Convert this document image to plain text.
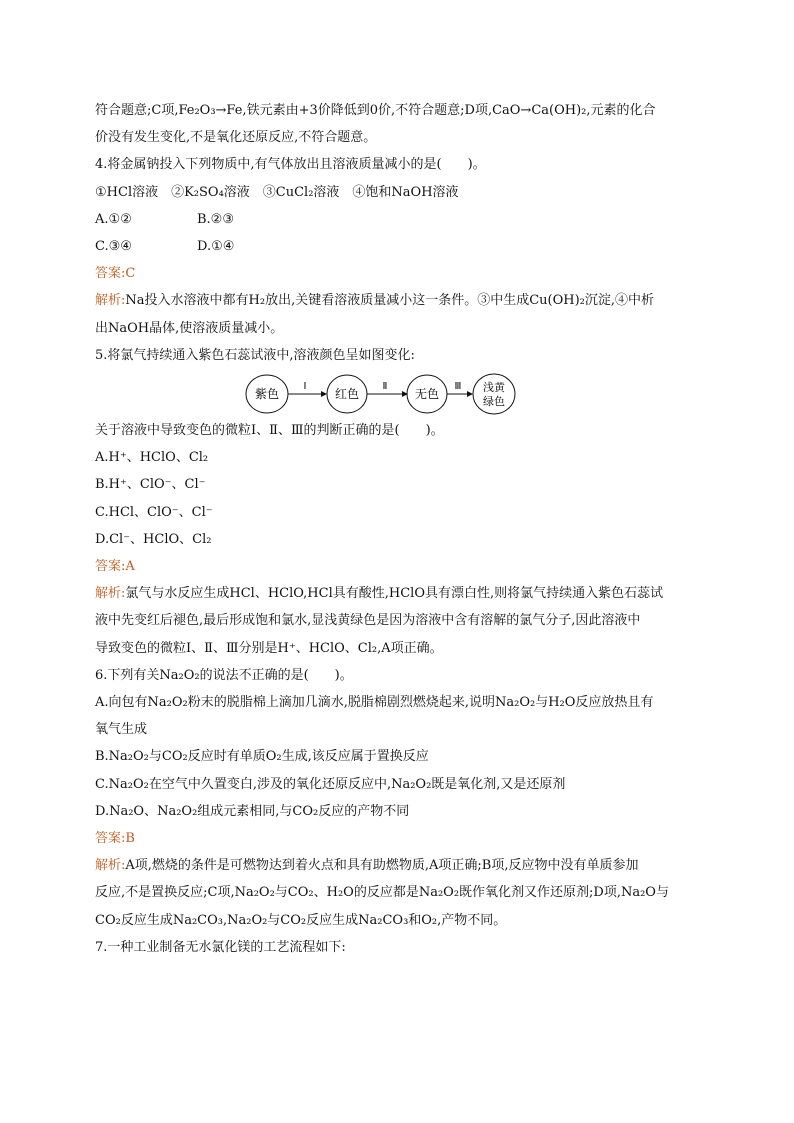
符合题意;C项,Fe₂O₃→Fe,铁元素由+3价降低到0价,不符合题意;D项,CaO→Ca(OH)₂,元素的化合
价没有发生变化,不是氧化还原反应,不符合题意。
4.将金属钠投入下列物质中,有气体放出且溶液质量减小的是(　　)。
①HCl溶液　②K₂SO₄溶液　③CuCl₂溶液　④饱和NaOH溶液
A.①②	B.②③
C.③④	D.①④
答案:C
解析:Na投入水溶液中都有H₂放出,关键看溶液质量减小这一条件。③中生成Cu(OH)₂沉淀,④中析
出NaOH晶体,使溶液质量减小。
5.将氯气持续通入紫色石蕊试液中,溶液颜色呈如图变化:
紫色
Ⅰ
红色
Ⅱ
无色
Ⅲ 浅黄
绿色
关于溶液中导致变色的微粒Ⅰ、Ⅱ、Ⅲ的判断正确的是(　　)。
A.H⁺、HClO、Cl₂
B.H⁺、ClO⁻、Cl⁻
C.HCl、ClO⁻、Cl⁻
D.Cl⁻、HClO、Cl₂
答案:A
解析:氯气与水反应生成HCl、HClO,HCl具有酸性,HClO具有漂白性,则将氯气持续通入紫色石蕊试
液中先变红后褪色,最后形成饱和氯水,显浅黄绿色是因为溶液中含有溶解的氯气分子,因此溶液中
导致变色的微粒Ⅰ、Ⅱ、Ⅲ分别是H⁺、HClO、Cl₂,A项正确。
6.下列有关Na₂O₂的说法不正确的是(　　)。
A.向包有Na₂O₂粉末的脱脂棉上滴加几滴水,脱脂棉剧烈燃烧起来,说明Na₂O₂与H₂O反应放热且有
氧气生成
B.Na₂O₂与CO₂反应时有单质O₂生成,该反应属于置换反应
C.Na₂O₂在空气中久置变白,涉及的氧化还原反应中,Na₂O₂既是氧化剂,又是还原剂
D.Na₂O、Na₂O₂组成元素相同,与CO₂反应的产物不同
答案:B
解析:A项,燃烧的条件是可燃物达到着火点和具有助燃物质,A项正确;B项,反应物中没有单质参加
反应,不是置换反应;C项,Na₂O₂与CO₂、H₂O的反应都是Na₂O₂既作氧化剂又作还原剂;D项,Na₂O与
CO₂反应生成Na₂CO₃,Na₂O₂与CO₂反应生成Na₂CO₃和O₂,产物不同。
7.一种工业制备无水氯化镁的工艺流程如下:
